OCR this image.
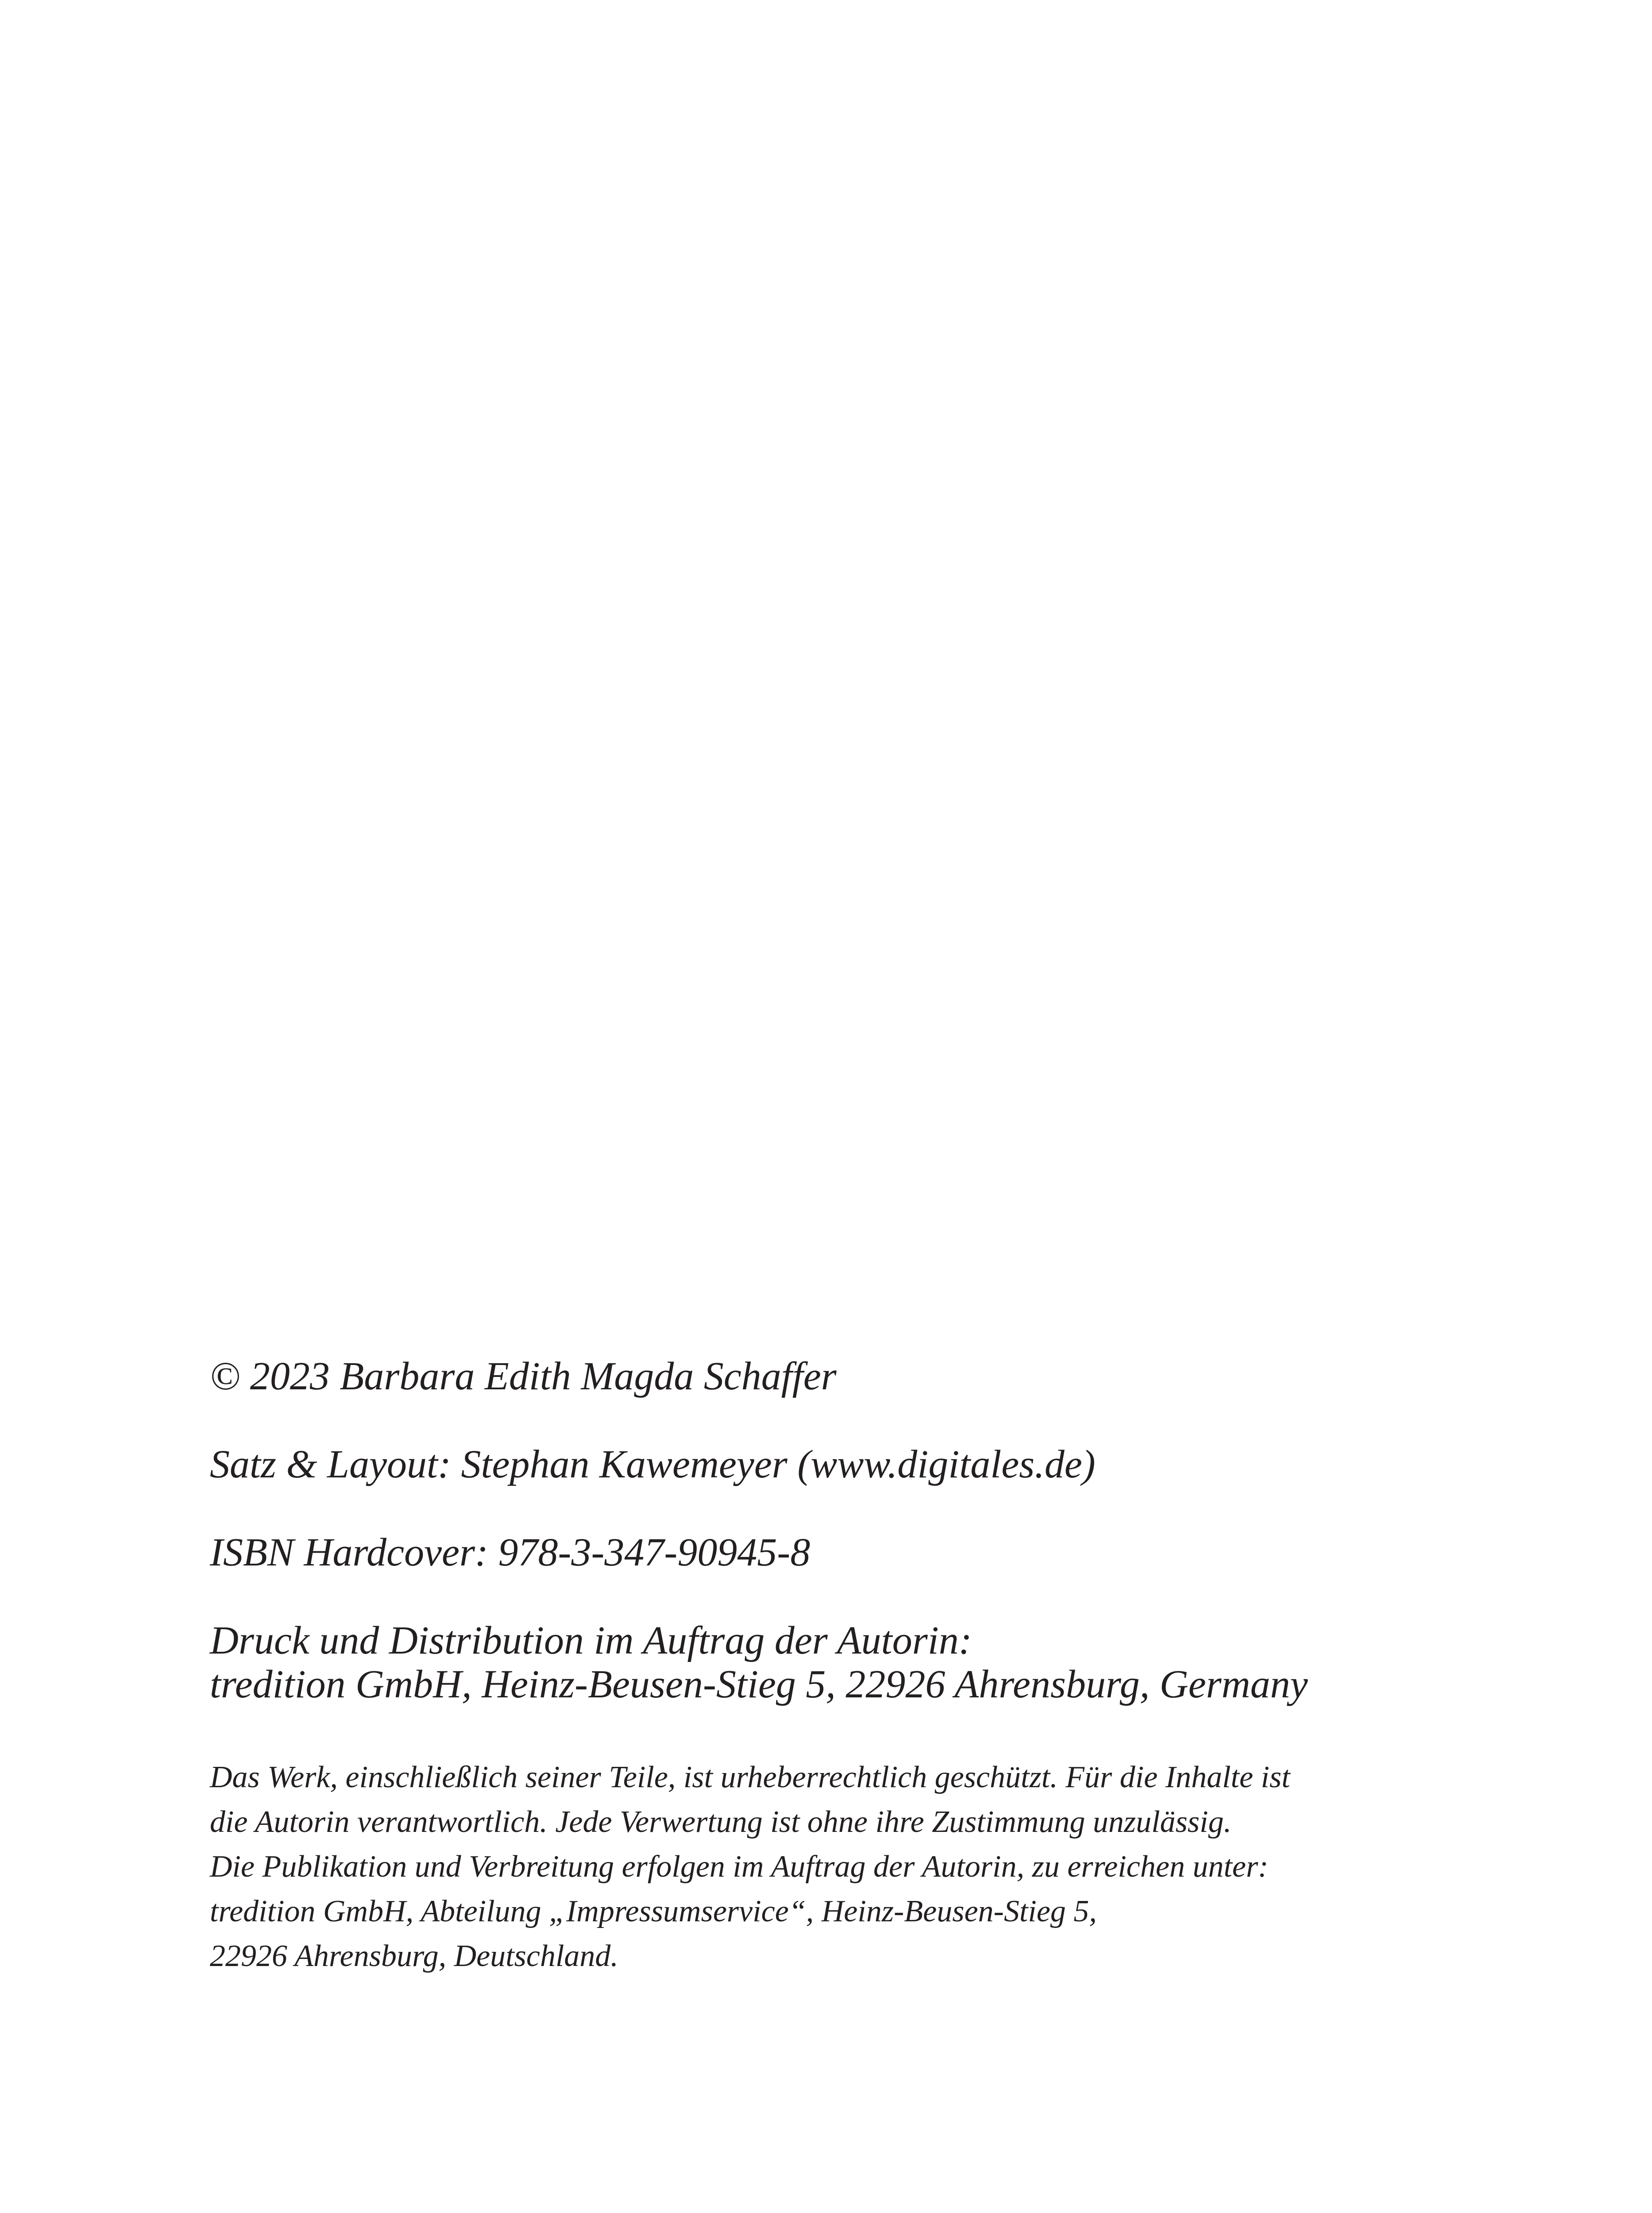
© 2023 Barbara Edith Magda Schaffer
Satz & Layout: Stephan Kawemeyer (www.digitales.de)
ISBN Hardcover: 978-3-347-90945-8
Druck und Distribution im Auftrag der Autorin:
tredition GmbH, Heinz-Beusen-Stieg 5, 22926 Ahrensburg, Germany
Das Werk, einschließlich seiner Teile, ist urheberrechtlich geschützt. Für die Inhalte ist
die Autorin verantwortlich. Jede Verwertung ist ohne ihre Zustimmung unzulässig.
Die Publikation und Verbreitung erfolgen im Auftrag der Autorin, zu erreichen unter:
tredition GmbH, Abteilung „Impressumservice“, Heinz-Beusen-Stieg 5,
22926 Ahrensburg, Deutschland.
